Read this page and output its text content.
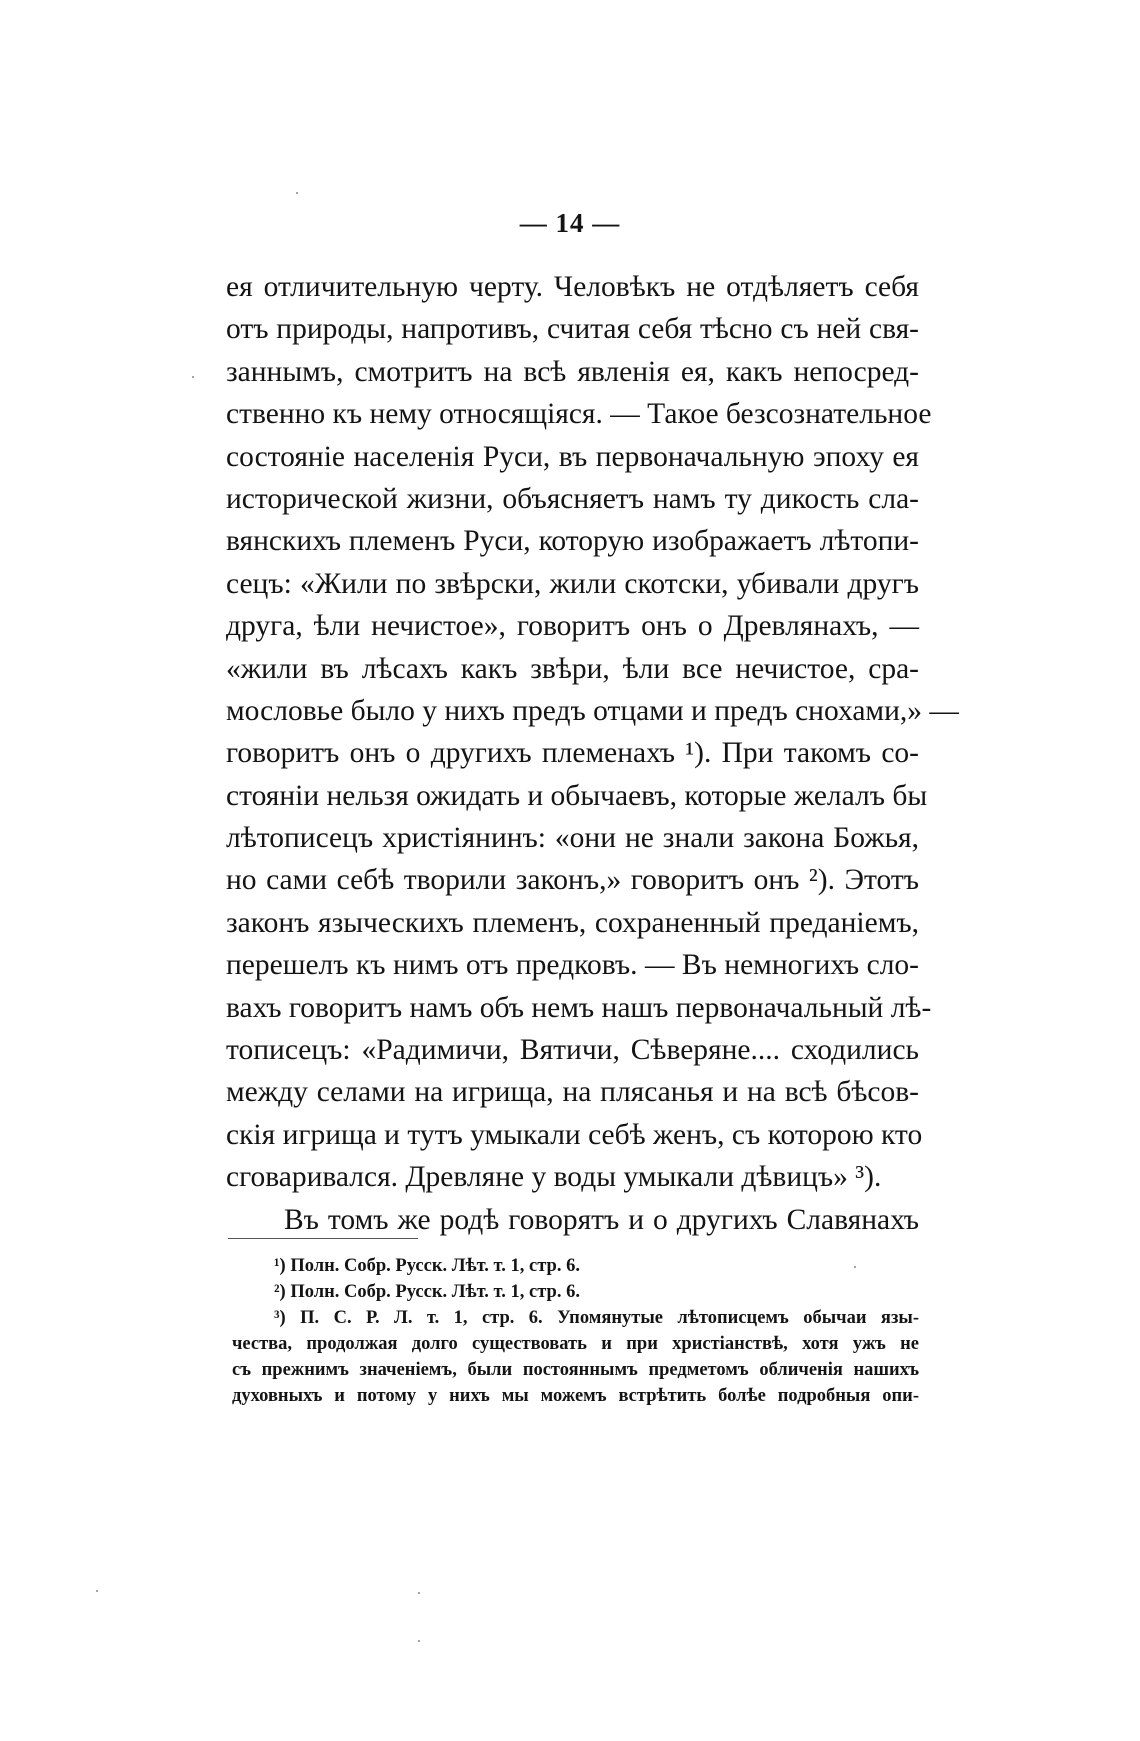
— 14 —
ея отличительную черту. Человѣкъ не отдѣляетъ себя
отъ природы, напротивъ, считая себя тѣсно съ ней свя-
заннымъ, смотритъ на всѣ явленія ея, какъ непосред-
ственно къ нему относящіяся. — Такое безсознательное
состояніе населенія Руси, въ первоначальную эпоху ея
исторической жизни, объясняетъ намъ ту дикость сла-
вянскихъ племенъ Руси, которую изображаетъ лѣтопи-
сецъ: «Жили по звѣрски, жили скотски, убивали другъ
друга, ѣли нечистое», говоритъ онъ о Древлянахъ, —
«жили въ лѣсахъ какъ звѣри, ѣли все нечистое, сра-
мословье было у нихъ предъ отцами и предъ снохами,» —
говоритъ онъ о другихъ племенахъ ¹). При такомъ со-
стояніи нельзя ожидать и обычаевъ, которые желалъ бы
лѣтописецъ христіянинъ: «они не знали закона Божья,
но сами себѣ творили законъ,» говоритъ онъ ²). Этотъ
законъ языческихъ племенъ, сохраненный преданіемъ,
перешелъ къ нимъ отъ предковъ. — Въ немногихъ сло-
вахъ говоритъ намъ объ немъ нашъ первоначальный лѣ-
тописецъ: «Радимичи, Вятичи, Сѣверяне.... сходились
между селами на игрища, на плясанья и на всѣ бѣсов-
скія игрища и тутъ умыкали себѣ женъ, съ которою кто
сговаривался. Древляне у воды умыкали дѣвицъ» ³).
Въ томъ же родѣ говорятъ и о другихъ Славянахъ
¹) Полн. Собр. Русск. Лѣт. т. 1, стр. 6.
²) Полн. Собр. Русск. Лѣт. т. 1, стр. 6.
³) П. С. Р. Л. т. 1, стр. 6. Упомянутые лѣтописцемъ обычаи язы-
чества, продолжая долго существовать и при христіанствѣ, хотя ужъ не
съ прежнимъ значеніемъ, были постояннымъ предметомъ обличенія нашихъ
духовныхъ и потому у нихъ мы можемъ встрѣтить болѣе подробныя опи-
